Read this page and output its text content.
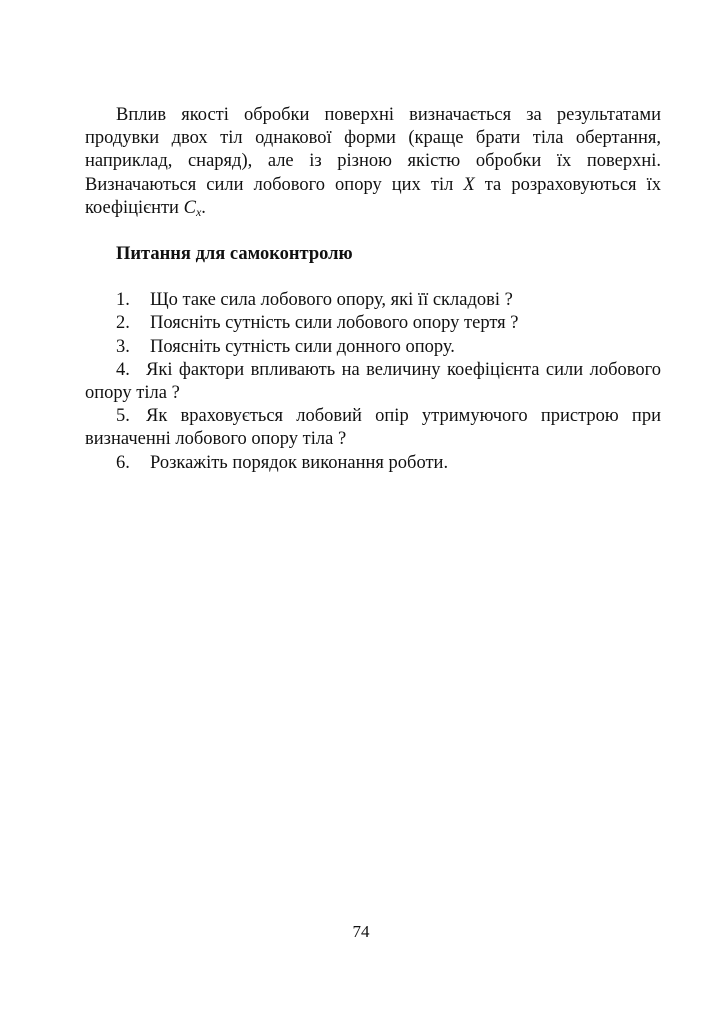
Вплив якості обробки поверхні визначається за результатами продувки двох тіл однакової форми (краще брати тіла обертання, наприклад, снаряд), але із різною якістю обробки їх поверхні. Визначаються сили лобового опору цих тіл X та розраховуються їх коефіцієнти $C_x$.

Питання для самоконтролю
1. Що таке сила лобового опору, які її складові ?
2. Поясніть сутність сили лобового опору тертя ?
3. Поясніть сутність сили донного опору.
4. Які фактори впливають на величину коефіцієнта сили лобового опору тіла ?
5. Як враховується лобовий опір утримуючого пристрою при визначенні лобового опору тіла ?
6. Розкажіть порядок виконання роботи.
74
